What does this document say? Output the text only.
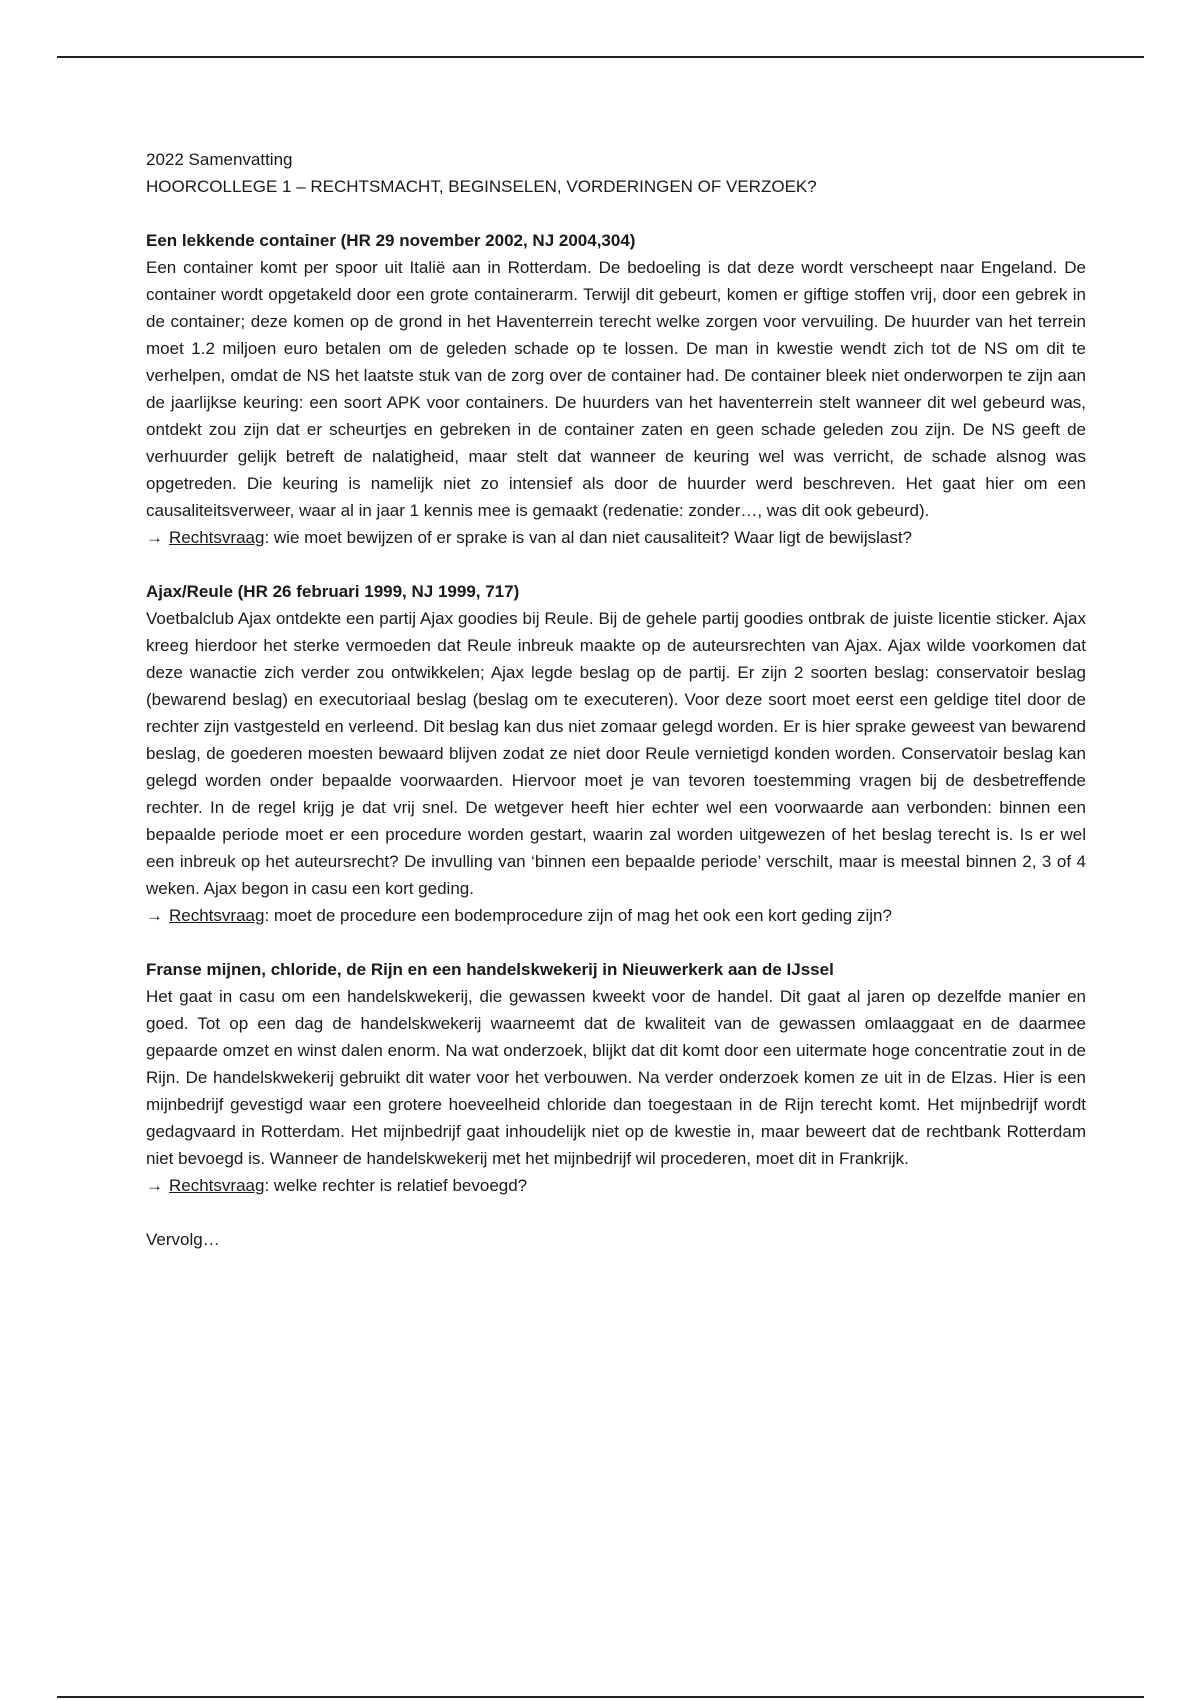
2022 Samenvatting

HOORCOLLEGE 1 – RECHTSMACHT, BEGINSELEN, VORDERINGEN OF VERZOEK?

Een lekkende container (HR 29 november 2002, NJ 2004,304)

Een container komt per spoor uit Italië aan in Rotterdam. De bedoeling is dat deze wordt verscheept naar Engeland. De container wordt opgetakeld door een grote containerarm. Terwijl dit gebeurt, komen er giftige stoffen vrij, door een gebrek in de container; deze komen op de grond in het Haventerrein terecht welke zorgen voor vervuiling. De huurder van het terrein moet 1.2 miljoen euro betalen om de geleden schade op te lossen. De man in kwestie wendt zich tot de NS om dit te verhelpen, omdat de NS het laatste stuk van de zorg over de container had. De container bleek niet onderworpen te zijn aan de jaarlijkse keuring: een soort APK voor containers. De huurders van het haventerrein stelt wanneer dit wel gebeurd was, ontdekt zou zijn dat er scheurtjes en gebreken in de container zaten en geen schade geleden zou zijn. De NS geeft de verhuurder gelijk betreft de nalatigheid, maar stelt dat wanneer de keuring wel was verricht, de schade alsnog was opgetreden. Die keuring is namelijk niet zo intensief als door de huurder werd beschreven. Het gaat hier om een causaliteitsverweer, waar al in jaar 1 kennis mee is gemaakt (redenatie: zonder…, was dit ook gebeurd).

→ Rechtsvraag: wie moet bewijzen of er sprake is van al dan niet causaliteit? Waar ligt de bewijslast?

Ajax/Reule (HR 26 februari 1999, NJ 1999, 717)

Voetbalclub Ajax ontdekte een partij Ajax goodies bij Reule. Bij de gehele partij goodies ontbrak de juiste licentie sticker. Ajax kreeg hierdoor het sterke vermoeden dat Reule inbreuk maakte op de auteursrechten van Ajax. Ajax wilde voorkomen dat deze wanactie zich verder zou ontwikkelen; Ajax legde beslag op de partij. Er zijn 2 soorten beslag: conservatoir beslag (bewarend beslag) en executoriaal beslag (beslag om te executeren). Voor deze soort moet eerst een geldige titel door de rechter zijn vastgesteld en verleend. Dit beslag kan dus niet zomaar gelegd worden. Er is hier sprake geweest van bewarend beslag, de goederen moesten bewaard blijven zodat ze niet door Reule vernietigd konden worden. Conservatoir beslag kan gelegd worden onder bepaalde voorwaarden. Hiervoor moet je van tevoren toestemming vragen bij de desbetreffende rechter. In de regel krijg je dat vrij snel. De wetgever heeft hier echter wel een voorwaarde aan verbonden: binnen een bepaalde periode moet er een procedure worden gestart, waarin zal worden uitgewezen of het beslag terecht is. Is er wel een inbreuk op het auteursrecht? De invulling van ‘binnen een bepaalde periode’ verschilt, maar is meestal binnen 2, 3 of 4 weken. Ajax begon in casu een kort geding.

→ Rechtsvraag: moet de procedure een bodemprocedure zijn of mag het ook een kort geding zijn?

Franse mijnen, chloride, de Rijn en een handelskwekerij in Nieuwerkerk aan de IJssel

Het gaat in casu om een handelskwekerij, die gewassen kweekt voor de handel. Dit gaat al jaren op dezelfde manier en goed. Tot op een dag de handelskwekerij waarneemt dat de kwaliteit van de gewassen omlaaggaat en de daarmee gepaarde omzet en winst dalen enorm. Na wat onderzoek, blijkt dat dit komt door een uitermate hoge concentratie zout in de Rijn. De handelskwekerij gebruikt dit water voor het verbouwen. Na verder onderzoek komen ze uit in de Elzas. Hier is een mijnbedrijf gevestigd waar een grotere hoeveelheid chloride dan toegestaan in de Rijn terecht komt. Het mijnbedrijf wordt gedagvaard in Rotterdam. Het mijnbedrijf gaat inhoudelijk niet op de kwestie in, maar beweert dat de rechtbank Rotterdam niet bevoegd is. Wanneer de handelskwekerij met het mijnbedrijf wil procederen, moet dit in Frankrijk.

→ Rechtsvraag: welke rechter is relatief bevoegd?

Vervolg…
